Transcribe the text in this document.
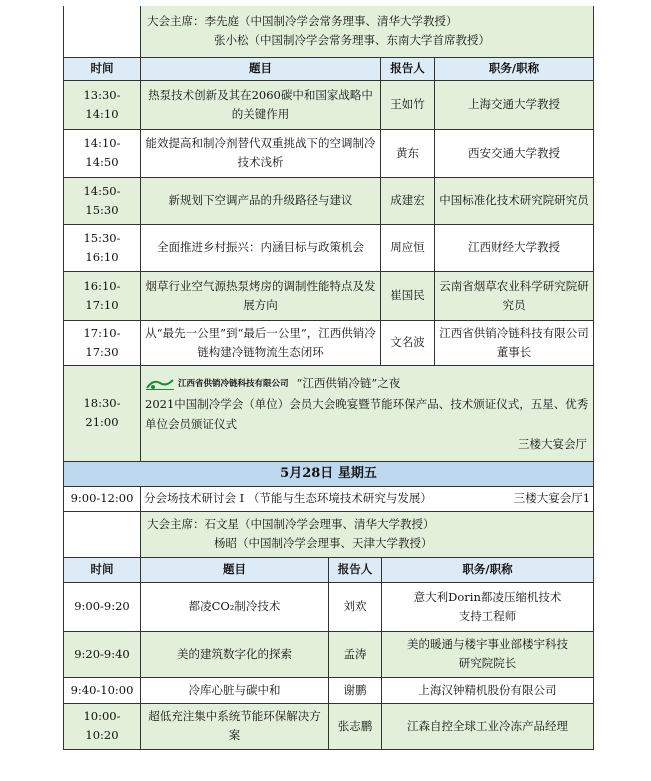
	大会主席：李先庭（中国制冷学会常务理事、清华大学教授）
张小松（中国制冷学会常务理事、东南大学首席教授）		
时间	题目	报告人	职务/职称
13:30-14:10	热泵技术创新及其在2060碳中和国家战略中的关键作用	王如竹	上海交通大学教授
14:10-14:50	能效提高和制冷剂替代双重挑战下的空调制冷技术浅析	黄东	西安交通大学教授
14:50-15:30	新规划下空调产品的升级路径与建议	成建宏	中国标准化技术研究院研究员
15:30-16:10	全面推进乡村振兴：内涵目标与政策机会	周应恒	江西财经大学教授
16:10-17:10	烟草行业空气源热泵烤房的调制性能特点及发展方向	崔国民	云南省烟草农业科学研究院研究员
17:10-17:30	从“最先一公里”到“最后一公里”，江西供销冷链构建冷链物流生态闭环	文名波	江西省供销冷链科技有限公司董事长
18:30-21:00	江西省供销冷链科技有限公司 “江西供销冷链”之夜
2021中国制冷学会（单位）会员大会晚宴暨节能环保产品、技术颁证仪式，五星、优秀单位会员颁证仪式
三楼大宴会厅		

5月28日 星期五			
9:00-12:00	分会场技术研讨会 I （节能与生态环境技术研究与发展） 三楼大宴会厅1		

	大会主席：石文星（中国制冷学会理事、清华大学教授）
杨昭（中国制冷学会理事、天津大学教授）		
时间	题目	报告人	职务/职称
9:00-9:20	都凌CO₂制冷技术	刘欢	意大利Dorin都凌压缩机技术支持工程师
9:20-9:40	美的建筑数字化的探索	孟涛	美的暖通与楼宇事业部楼宇科技研究院院长
9:40-10:00	冷库心脏与碳中和	谢鹏	上海汉钟精机股份有限公司
10:00-10:20	超低充注集中系统节能环保解决方案	张志鹏	江森自控全球工业冷冻产品经理
